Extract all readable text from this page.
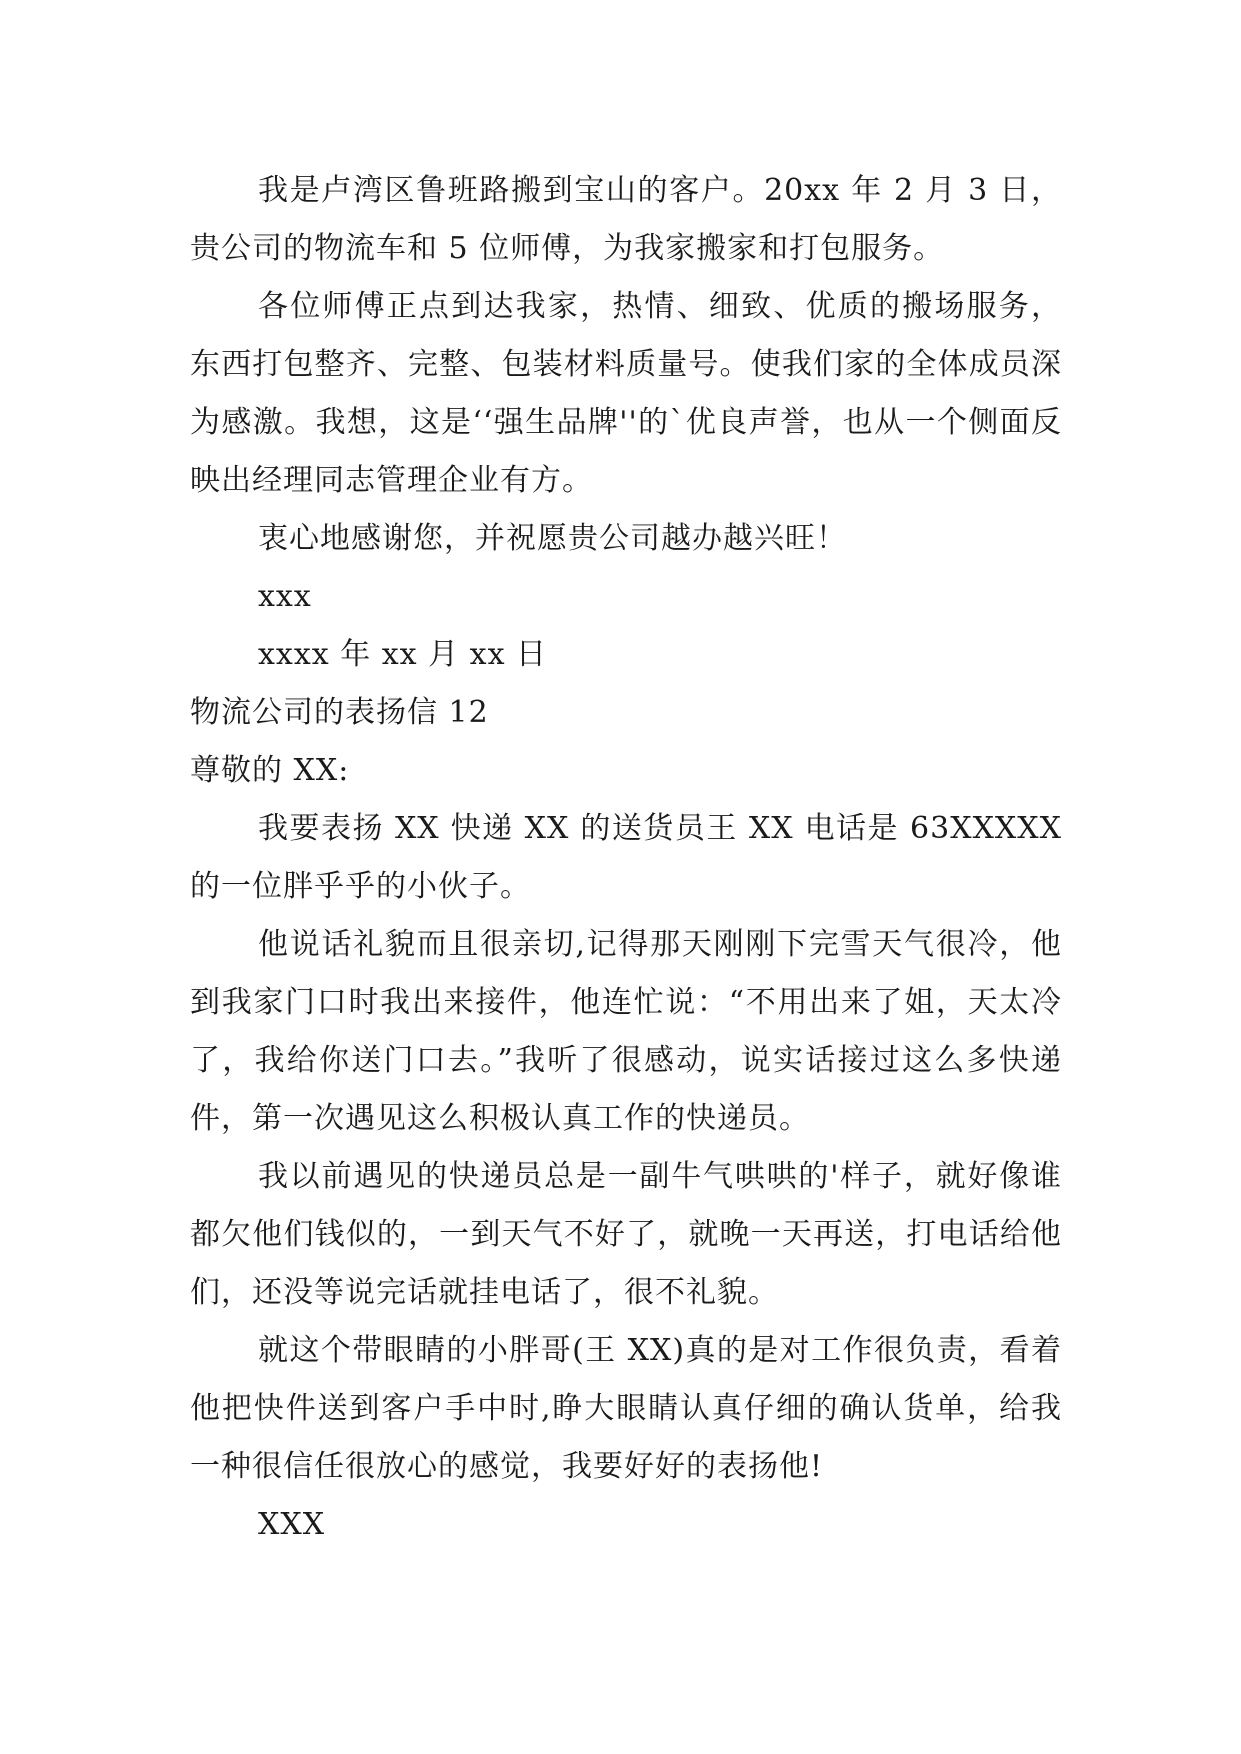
我是卢湾区鲁班路搬到宝山的客户。20xx 年 2 月 3 日，贵公司的物流车和 5 位师傅，为我家搬家和打包服务。

各位师傅正点到达我家，热情、细致、优质的搬场服务，东西打包整齐、完整、包装材料质量号。使我们家的全体成员深为感激。我想，这是‘‘强生品牌''的`优良声誉，也从一个侧面反映出经理同志管理企业有方。

衷心地感谢您，并祝愿贵公司越办越兴旺！

xxx

xxxx 年 xx 月 xx 日

物流公司的表扬信 12

尊敬的 XX:

我要表扬 XX 快递 XX 的送货员王 XX 电话是 63XXXXX 的一位胖乎乎的小伙子。

他说话礼貌而且很亲切,记得那天刚刚下完雪天气很冷，他到我家门口时我出来接件，他连忙说：“不用出来了姐，天太冷了，我给你送门口去。”我听了很感动，说实话接过这么多快递件，第一次遇见这么积极认真工作的快递员。

我以前遇见的快递员总是一副牛气哄哄的'样子，就好像谁都欠他们钱似的，一到天气不好了，就晚一天再送，打电话给他们，还没等说完话就挂电话了，很不礼貌。

就这个带眼睛的小胖哥(王 XX)真的是对工作很负责，看着他把快件送到客户手中时,睁大眼睛认真仔细的确认货单，给我一种很信任很放心的感觉，我要好好的表扬他!

XXX
